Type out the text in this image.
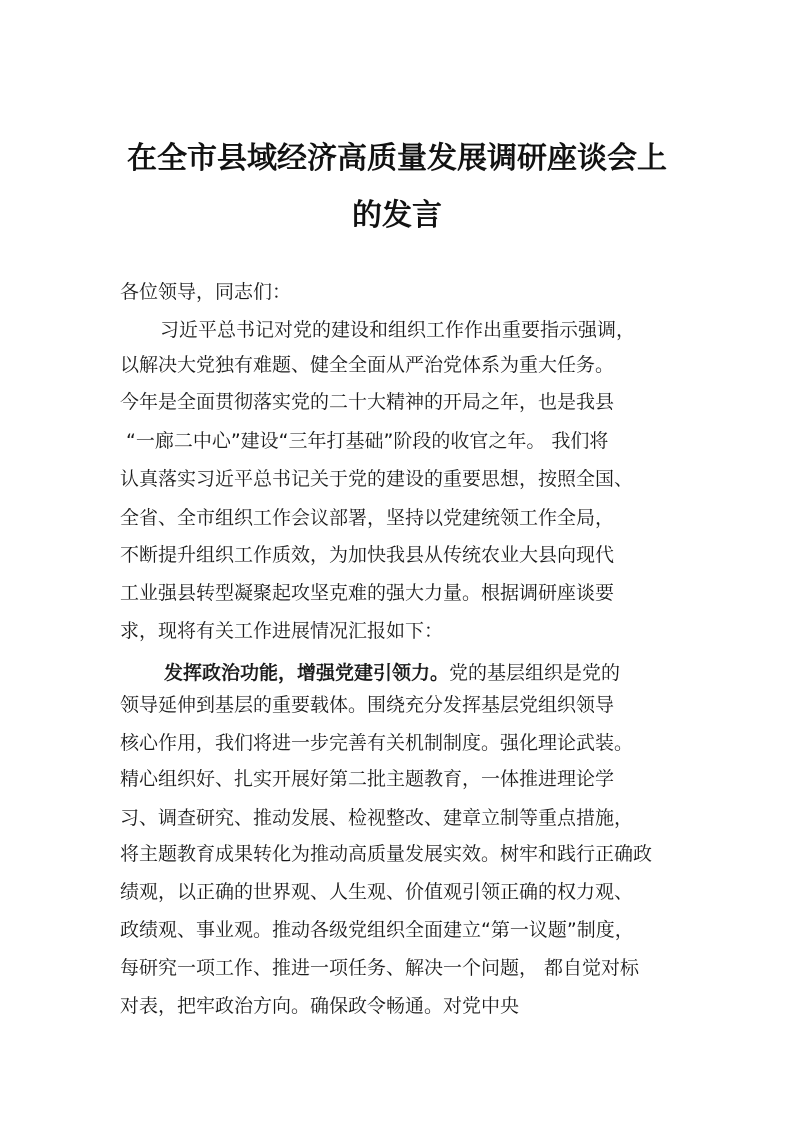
在全市县域经济高质量发展调研座谈会上
的发言
各位领导，同志们：
习近平总书记对党的建设和组织工作作出重要指示强调，
以解决大党独有难题、健全全面从严治党体系为重大任务。
今年是全面贯彻落实党的二十大精神的开局之年，也是我县
“一廊二中心”建设“三年打基础”阶段的收官之年。 我们将
认真落实习近平总书记关于党的建设的重要思想，按照全国、
全省、全市组织工作会议部署，坚持以党建统领工作全局，
不断提升组织工作质效，为加快我县从传统农业大县向现代
工业强县转型凝聚起攻坚克难的强大力量。根据调研座谈要
求，现将有关工作进展情况汇报如下：
发挥政治功能，增强党建引领力。党的基层组织是党的
领导延伸到基层的重要载体。围绕充分发挥基层党组织领导
核心作用，我们将进一步完善有关机制制度。强化理论武装。
精心组织好、扎实开展好第二批主题教育，一体推进理论学
习、调查研究、推动发展、检视整改、建章立制等重点措施，
将主题教育成果转化为推动高质量发展实效。树牢和践行正确政
绩观，以正确的世界观、人生观、价值观引领正确的权力观、
政绩观、事业观。推动各级党组织全面建立“第一议题”制度，
每研究一项工作、推进一项任务、解决一个问题， 都自觉对标
对表，把牢政治方向。确保政令畅通。对党中央
